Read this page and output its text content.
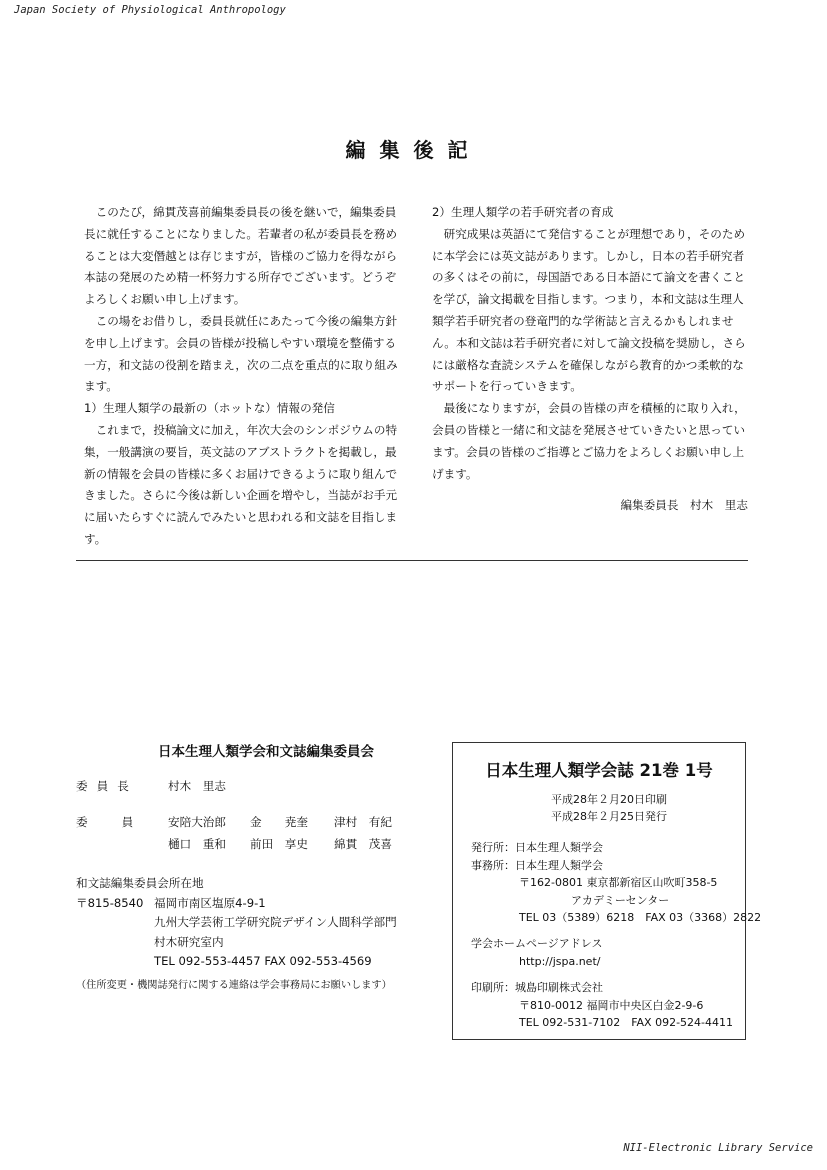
Japan Society of Physiological Anthropology
編集後記

このたび，綿貫茂喜前編集委員長の後を継いで，編集委員長に就任することになりました。若輩者の私が委員長を務めることは大変僭越とは存じますが，皆様のご協力を得ながら本誌の発展のため精一杯努力する所存でございます。どうぞよろしくお願い申し上げます。

この場をお借りし，委員長就任にあたって今後の編集方針を申し上げます。会員の皆様が投稿しやすい環境を整備する一方，和文誌の役割を踏まえ，次の二点を重点的に取り組みます。

1）生理人類学の最新の（ホットな）情報の発信

これまで，投稿論文に加え，年次大会のシンポジウムの特集，一般講演の要旨，英文誌のアブストラクトを掲載し，最新の情報を会員の皆様に多くお届けできるように取り組んできました。さらに今後は新しい企画を増やし，当誌がお手元に届いたらすぐに読んでみたいと思われる和文誌を目指します。

2）生理人類学の若手研究者の育成

研究成果は英語にて発信することが理想であり，そのために本学会には英文誌があります。しかし，日本の若手研究者の多くはその前に，母国語である日本語にて論文を書くことを学び，論文掲載を目指します。つまり，本和文誌は生理人類学若手研究者の登竜門的な学術誌と言えるかもしれません。本和文誌は若手研究者に対して論文投稿を奨励し，さらには厳格な査読システムを確保しながら教育的かつ柔軟的なサポートを行っていきます。

最後になりますが，会員の皆様の声を積極的に取り入れ，会員の皆様と一緒に和文誌を発展させていきたいと思っています。会員の皆様のご指導とご協力をよろしくお願い申し上げます。

編集委員長　村木　里志

日本生理人類学会和文誌編集委員会
委員長	村木　里志
委員 安陪大治郎 金　　尭奎 津村　有紀
樋口　重和 前田　享史 綿貫　茂喜
和文誌編集委員会所在地
〒815-8540 福岡市南区塩原4-9-1
九州大学芸術工学研究院デザイン人間科学部門
村木研究室内
TEL 092-553-4457 FAX 092-553-4569
（住所変更・機関誌発行に関する連絡は学会事務局にお願いします）
日本生理人類学会誌 21巻 1号
平成28年２月20日印刷
平成28年２月25日発行
発行所：日本生理人類学会
事務所：日本生理人類学会
〒162-0801 東京都新宿区山吹町358-5
アカデミーセンター
TEL 03（5389）6218　FAX 03（3368）2822
学会ホームページアドレス
http://jspa.net/
印刷所：城島印刷株式会社
〒810-0012 福岡市中央区白金2-9-6
TEL 092-531-7102　FAX 092-524-4411
NII-Electronic Library Service
